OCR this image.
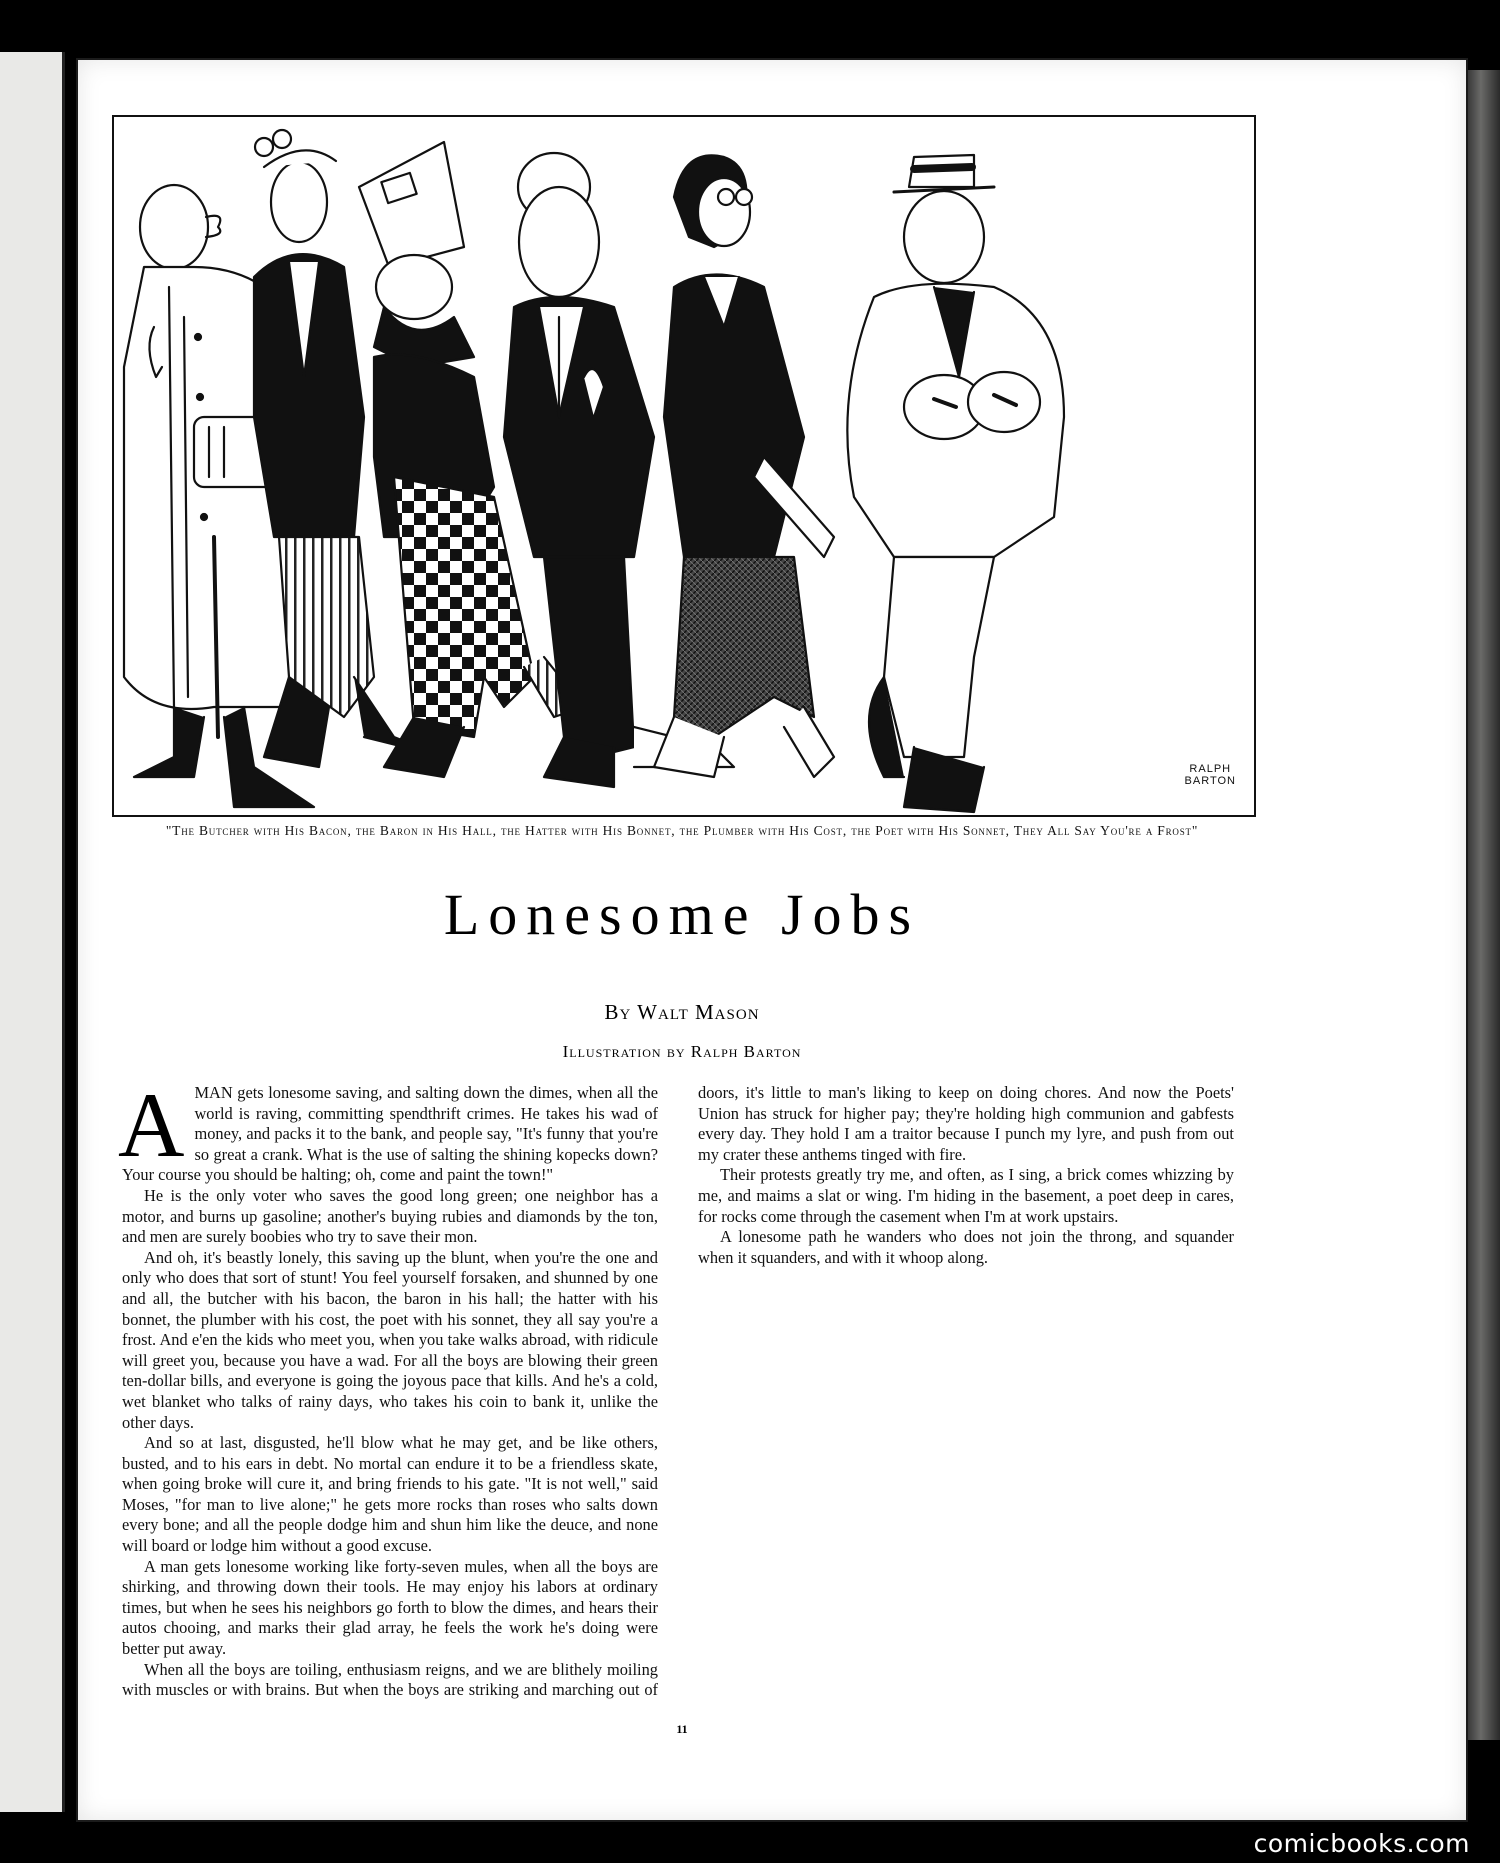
RALPH
BARTON
"The Butcher with His Bacon, the Baron in His Hall, the Hatter with His Bonnet, the Plumber with His Cost, the Poet with His Sonnet, They All Say You're a Frost"
Lonesome Jobs
By Walt Mason
Illustration by Ralph Barton

AMAN gets lonesome saving, and salting down the dimes, when all the world is raving, committing spendthrift crimes. He takes his wad of money, and packs it to the bank, and people say, "It's funny that you're so great a crank. What is the use of salting the shining kopecks down? Your course you should be halting; oh, come and paint the town!"

He is the only voter who saves the good long green; one neighbor has a motor, and burns up gasoline; another's buying rubies and diamonds by the ton, and men are surely boobies who try to save their mon.

And oh, it's beastly lonely, this saving up the blunt, when you're the one and only who does that sort of stunt! You feel yourself forsaken, and shunned by one and all, the butcher with his bacon, the baron in his hall; the hatter with his bonnet, the plumber with his cost, the poet with his sonnet, they all say you're a frost. And e'en the kids who meet you, when you take walks abroad, with ridicule will greet you, because you have a wad. For all the boys are blowing their green ten-dollar bills, and everyone is going the joyous pace that kills. And he's a cold, wet blanket who talks of rainy days, who takes his coin to bank it, unlike the other days.

And so at last, disgusted, he'll blow what he may get, and be like others, busted, and to his ears in debt. No mortal can endure it to be a friendless skate, when going broke will cure it, and bring friends to his gate. "It is not well," said Moses, "for man to live alone;" he gets more rocks than roses who salts down every bone; and all the people dodge him and shun him like the deuce, and none will board or lodge him without a good excuse.

A man gets lonesome working like forty-seven mules, when all the boys are shirking, and throwing down their tools. He may enjoy his labors at ordinary times, but when he sees his neighbors go forth to blow the dimes, and hears their autos chooing, and marks their glad array, he feels the work he's doing were better put away.

When all the boys are toiling, enthusiasm reigns, and we are blithely moiling with muscles or with brains. But when the boys are striking and marching out of doors, it's little to man's liking to keep on doing chores. And now the Poets' Union has struck for higher pay; they're holding high communion and gabfests every day. They hold I am a traitor because I punch my lyre, and push from out my crater these anthems tinged with fire.

Their protests greatly try me, and often, as I sing, a brick comes whizzing by me, and maims a slat or wing. I'm hiding in the basement, a poet deep in cares, for rocks come through the casement when I'm at work upstairs.

A lonesome path he wanders who does not join the throng, and squander when it squanders, and with it whoop along.

11
comicbooks.com
